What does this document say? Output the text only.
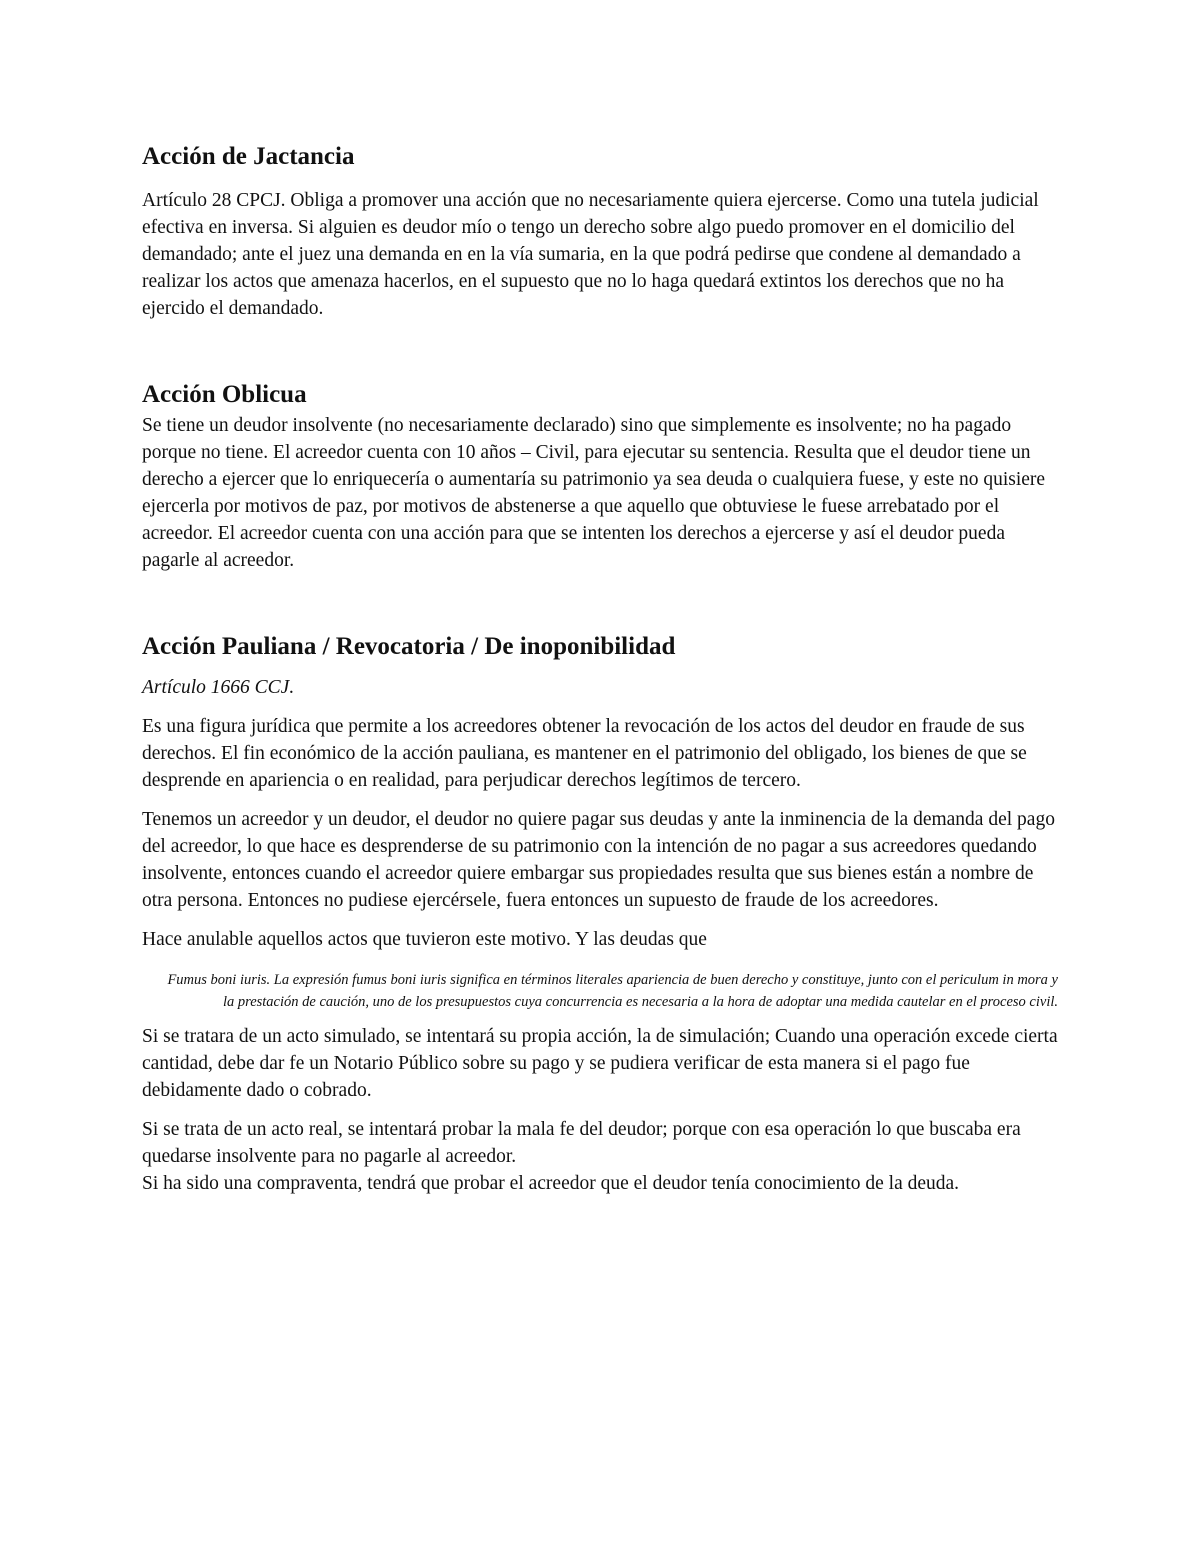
Acción de Jactancia

Artículo 28 CPCJ. Obliga a promover una acción que no necesariamente quiera ejercerse. Como una tutela judicial efectiva en inversa. Si alguien es deudor mío o tengo un derecho sobre algo puedo promover en el domicilio del demandado; ante el juez una demanda en en la vía sumaria, en la que podrá pedirse que condene al demandado a realizar los actos que amenaza hacerlos, en el supuesto que no lo haga quedará extintos los derechos que no ha ejercido el demandado.

Acción Oblicua

Se tiene un deudor insolvente (no necesariamente declarado) sino que simplemente es insolvente; no ha pagado porque no tiene. El acreedor cuenta con 10 años – Civil, para ejecutar su sentencia. Resulta que el deudor tiene un derecho a ejercer que lo enriquecería o aumentaría su patrimonio ya sea deuda o cualquiera fuese, y este no quisiere ejercerla por motivos de paz, por motivos de abstenerse a que aquello que obtuviese le fuese arrebatado por el acreedor. El acreedor cuenta con una acción para que se intenten los derechos a ejercerse y así el deudor pueda pagarle al acreedor.

Acción Pauliana / Revocatoria / De inoponibilidad

Artículo 1666 CCJ.

Es una figura jurídica que permite a los acreedores obtener la revocación de los actos del deudor en fraude de sus derechos. El fin económico de la acción pauliana, es mantener en el patrimonio del obligado, los bienes de que se desprende en apariencia o en realidad, para perjudicar derechos legítimos de tercero.

Tenemos un acreedor y un deudor, el deudor no quiere pagar sus deudas y ante la inminencia de la demanda del pago del acreedor, lo que hace es desprenderse de su patrimonio con la intención de no pagar a sus acreedores quedando insolvente, entonces cuando el acreedor quiere embargar sus propiedades resulta que sus bienes están a nombre de otra persona. Entonces no pudiese ejercérsele, fuera entonces un supuesto de fraude de los acreedores.

Hace anulable aquellos actos que tuvieron este motivo. Y las deudas que

Fumus boni iuris. La expresión fumus boni iuris significa en términos literales apariencia de buen derecho y constituye, junto con el periculum in mora y la prestación de caución, uno de los presupuestos cuya concurrencia es necesaria a la hora de adoptar una medida cautelar en el proceso civil.

Si se tratara de un acto simulado, se intentará su propia acción, la de simulación; Cuando una operación excede cierta cantidad, debe dar fe un Notario Público sobre su pago y se pudiera verificar de esta manera si el pago fue debidamente dado o cobrado.

Si se trata de un acto real, se intentará probar la mala fe del deudor; porque con esa operación lo que buscaba era quedarse insolvente para no pagarle al acreedor.

Si ha sido una compraventa, tendrá que probar el acreedor que el deudor tenía conocimiento de la deuda.
